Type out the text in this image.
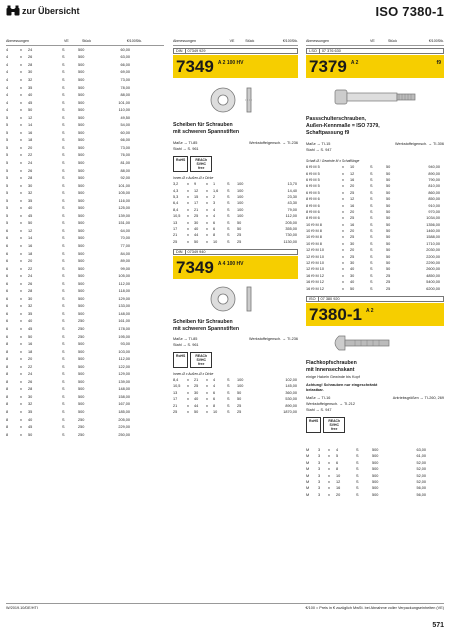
zur Übersicht	ISO 7380-1
Abmessungen	VE	Stück	€/100Stk.
4	x	24	S	500	60,00
4	x	26	S	500	63,00
4	x	28	S	500	66,00
4	x	30	S	500	69,00
4	x	32	S	500	73,00
4	x	35	S	500	78,00
4	x	40	S	500	88,00
4	x	45	S	500	101,00
4	x	50	S	500	110,00
5	x	12	S	500	49,50
5	x	14	S	500	54,00
5	x	16	S	500	60,00
5	x	18	S	500	66,00
5	x	20	S	500	73,00
5	x	22	S	500	76,00
5	x	24	S	500	81,00
5	x	26	S	500	88,00
5	x	28	S	500	92,00
5	x	30	S	500	101,00
5	x	32	S	500	105,00
5	x	35	S	500	116,00
5	x	40	S	500	125,00
5	x	45	S	500	139,00
5	x	50	S	500	151,00
6	x	12	S	500	64,00
6	x	14	S	500	70,00
6	x	16	S	500	77,00
6	x	18	S	500	84,00
6	x	20	S	500	89,00
6	x	22	S	500	99,00
6	x	24	S	500	105,00
6	x	26	S	500	112,00
6	x	28	S	500	118,00
6	x	30	S	500	129,00
6	x	32	S	500	133,00
6	x	35	S	500	148,00
6	x	40	S	250	161,00
6	x	45	S	250	178,00
6	x	50	S	250	195,00
8	x	16	S	500	93,00
8	x	18	S	500	103,00
8	x	20	S	500	112,00
8	x	22	S	500	122,00
8	x	24	S	500	129,00
8	x	26	S	500	139,00
8	x	28	S	500	148,00
8	x	30	S	500	158,00
8	x	32	S	500	167,00
8	x	35	S	500	185,00
8	x	40	S	250	205,00
8	x	45	S	250	229,00
8	x	50	S	250	250,00
Abmessungen	VE	Stück	€/100Stk.
DIN	07349 929
7349 A 2 100 HV
Scheiben für Schrauben
mit schweren Spannstiften
Maße → TI-85	Werkstoffeigensch. → TI-236
Stahl → S. 961
RoHS	REACh SVHC free
Innen-Ø x Außen-Ø x Dicke
3,2	x	9	x	1	S	100	13,70
4,3	x	12	x	1,6	S	100	14,40
5,3	x	15	x	2	S	100	23,30
6,4	x	17	x	3	S	100	43,30
8,4	x	21	x	4	S	100	79,00
10,5	x	25	x	4	S	100	112,00
13	x	30	x	6	S	50	205,00
17	x	40	x	6	S	50	355,00
21	x	44	x	8	S	25	730,00
25	x	50	x	10	S	25	1130,00
DIN	07349 940
7349 A 4 100 HV
Scheiben für Schrauben
mit schweren Spannstiften
Maße → TI-85	Werkstoffeigensch. → TI-236
Stahl → S. 961
RoHS	REACh SVHC free
Innen-Ø x Außen-Ø x Dicke
8,4	x	21	x	4	S	100	102,00
10,5	x	25	x	4	S	100	145,00
13	x	30	x	6	S	50	360,00
17	x	40	x	6	S	50	530,00
21	x	44	x	8	S	25	890,00
25	x	50	x	10	S	25	1870,00
Abmessungen	VE	Stück	€/100Stk.
I-SO	07 376 630
7379 A 2	f9
Passschulterschrauben,
Außen-Kennmaße = ISO 7379,
Schaftpassung f9
Maße → TI-15	Werkstoffeigensch. → TI-306
Stahl → S. 947
Schaft-Ø / Gewinde M x Schaftlänge
6 f9 M 5	x	10	S	50	940,00
6 f9 M 5	x	12	S	50	890,00
6 f9 M 5	x	16	S	50	790,00
6 f9 M 5	x	20	S	50	810,00
6 f9 M 5	x	25	S	50	860,00
8 f9 M 6	x	12	S	50	850,00
8 f9 M 6	x	16	S	50	910,00
8 f9 M 6	x	20	S	50	970,00
8 f9 M 6	x	25	S	50	1034,00
10 f9 M 8	x	16	S	50	1356,00
10 f9 M 8	x	20	S	50	1460,00
10 f9 M 8	x	25	S	50	1588,00
10 f9 M 8	x	30	S	50	1710,00
12 f9 M 10	x	20	S	50	2030,00
12 f9 M 10	x	25	S	50	2200,00
12 f9 M 10	x	30	S	50	2290,00
12 f9 M 10	x	40	S	50	2600,00
16 f9 M 12	x	30	S	25	4850,00
16 f9 M 12	x	40	S	25	5400,00
16 f9 M 12	x	50	S	25	6200,00
ISO	07 380 920
7380-1 A 2
Flachkopfschrauben
mit Innensechskant
einige Hakeln Gewinde bis Kopf
Achtung! Schrauben nur eingeschränkt
belastbar.
Maße → TI-16	Antriebsgrößen → TI-260, 269
Werkstoffeigensch. → TI-212
Stahl → S. 947
RoHS	REACh SVHC free
M	3	x	4	S	500	63,00
M	3	x	5	S	500	61,00
M	3	x	6	S	500	52,00
M	3	x	8	S	500	52,00
M	3	x	10	S	500	52,00
M	3	x	12	S	500	52,00
M	3	x	16	S	500	56,00
M	3	x	20	S	500	56,00
W/2019.10/DE/HTI	€/100 = Preis in € zuzüglich MwSt. bei Abnahme voller Verpackungseinheiten (VE)
571
